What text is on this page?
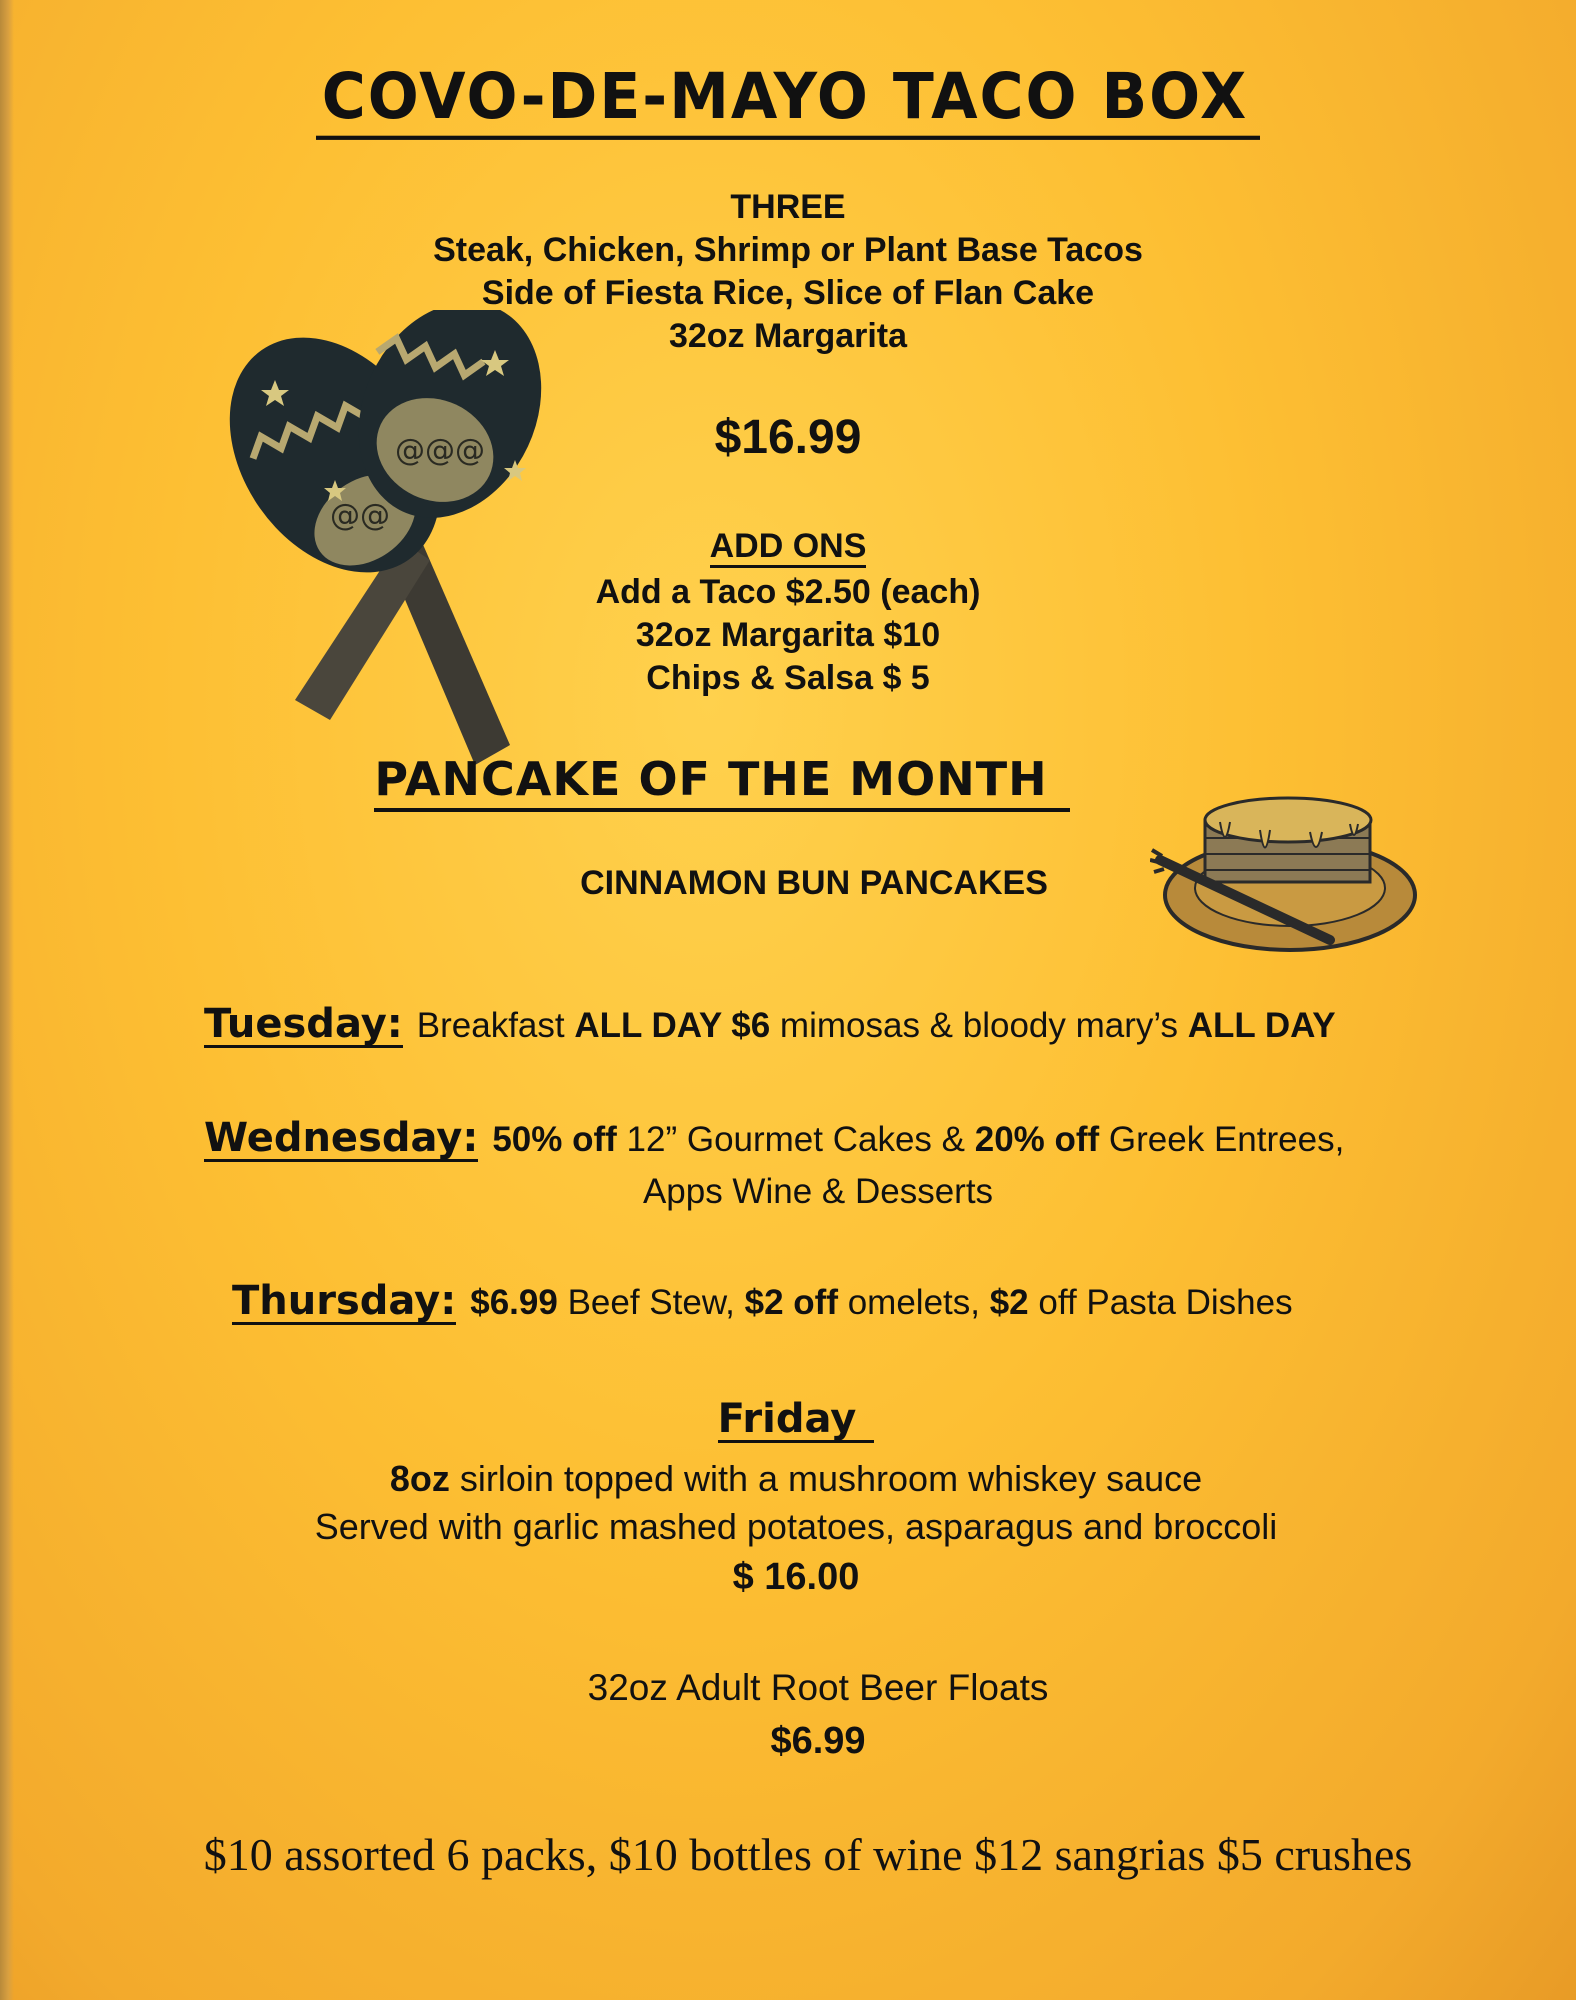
COVO-DE-MAYO TACO BOX
THREE
Steak, Chicken, Shrimp or Plant Base Tacos
Side of Fiesta Rice, Slice of Flan Cake
32oz Margarita
$16.99
ADD ONS
Add a Taco $2.50 (each)
32oz Margarita $10
Chips & Salsa $ 5
@@
@@@
PANCAKE OF THE MONTH
CINNAMON BUN PANCAKES
Tuesday: Breakfast ALL DAY $6 mimosas & bloody mary’s ALL DAY
Wednesday:50% off 12” Gourmet Cakes & 20% off Greek Entrees,
Apps Wine & Desserts
Thursday: $6.99 Beef Stew, $2 off omelets, $2 off Pasta Dishes
Friday
8oz sirloin topped with a mushroom whiskey sauce
Served with garlic mashed potatoes, asparagus and broccoli
$ 16.00
32oz Adult Root Beer Floats
$6.99
$10 assorted 6 packs, $10 bottles of wine $12 sangrias $5 crushes
